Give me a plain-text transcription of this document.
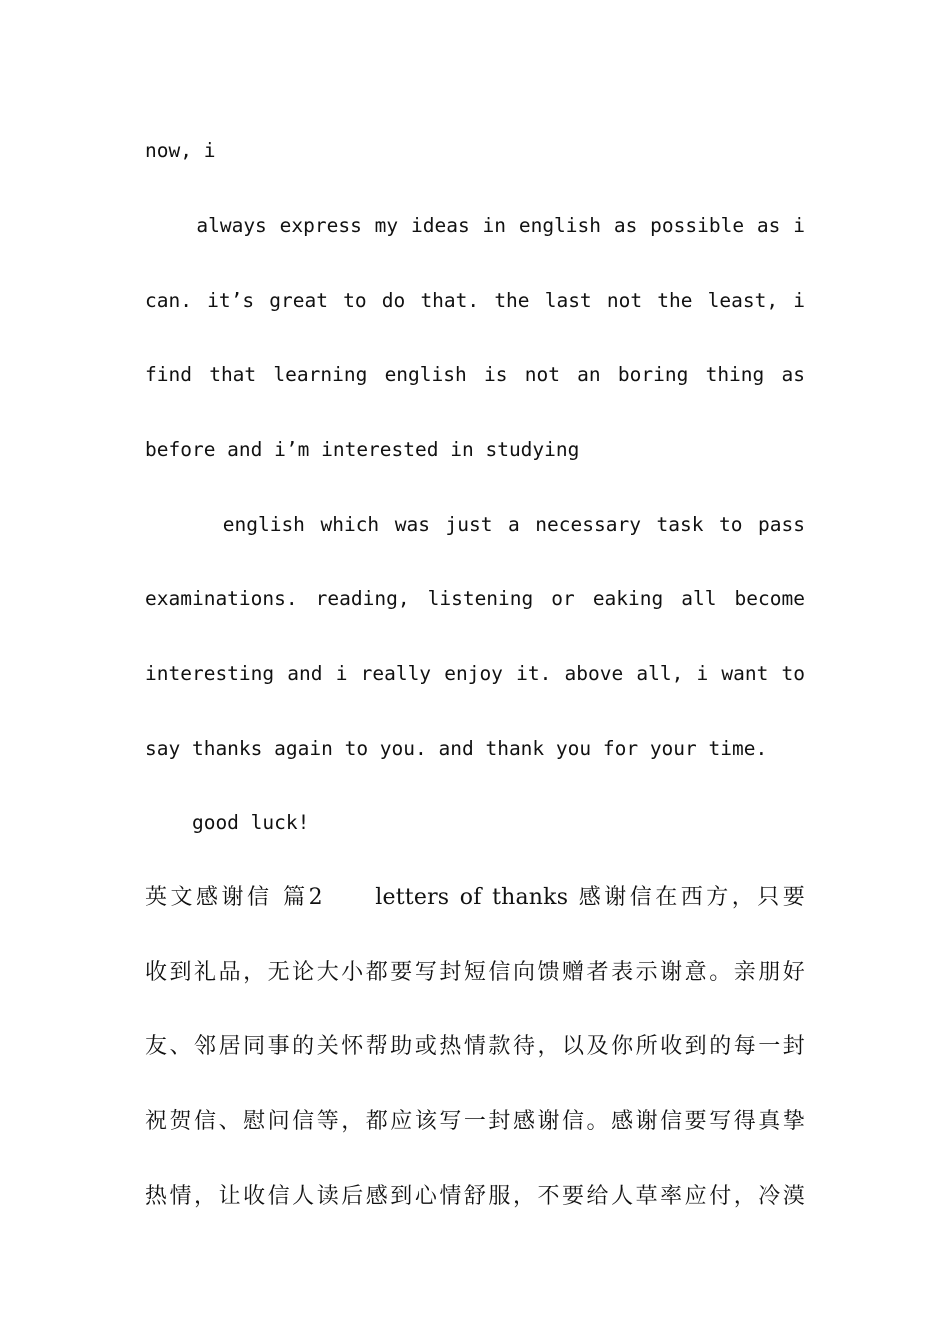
now, i
always express my ideas in english as possible as i
can. it’s great to do that. the last not the least, i
find that learning english is not an boring thing as
before and i’m interested in studying
english which was just a necessary task to pass
examinations. reading, listening or eaking all become
interesting and i really enjoy it. above all, i want to
say thanks again to you. and thank you for your time.
good luck!
英文感谢信 篇2     letters of thanks 感谢信在西方，只要
收到礼品，无论大小都要写封短信向馈赠者表示谢意。亲朋好
友、邻居同事的关怀帮助或热情款待，以及你所收到的每一封
祝贺信、慰问信等，都应该写一封感谢信。感谢信要写得真挚
热情，让收信人读后感到心情舒服，不要给人草率应付，冷漠
